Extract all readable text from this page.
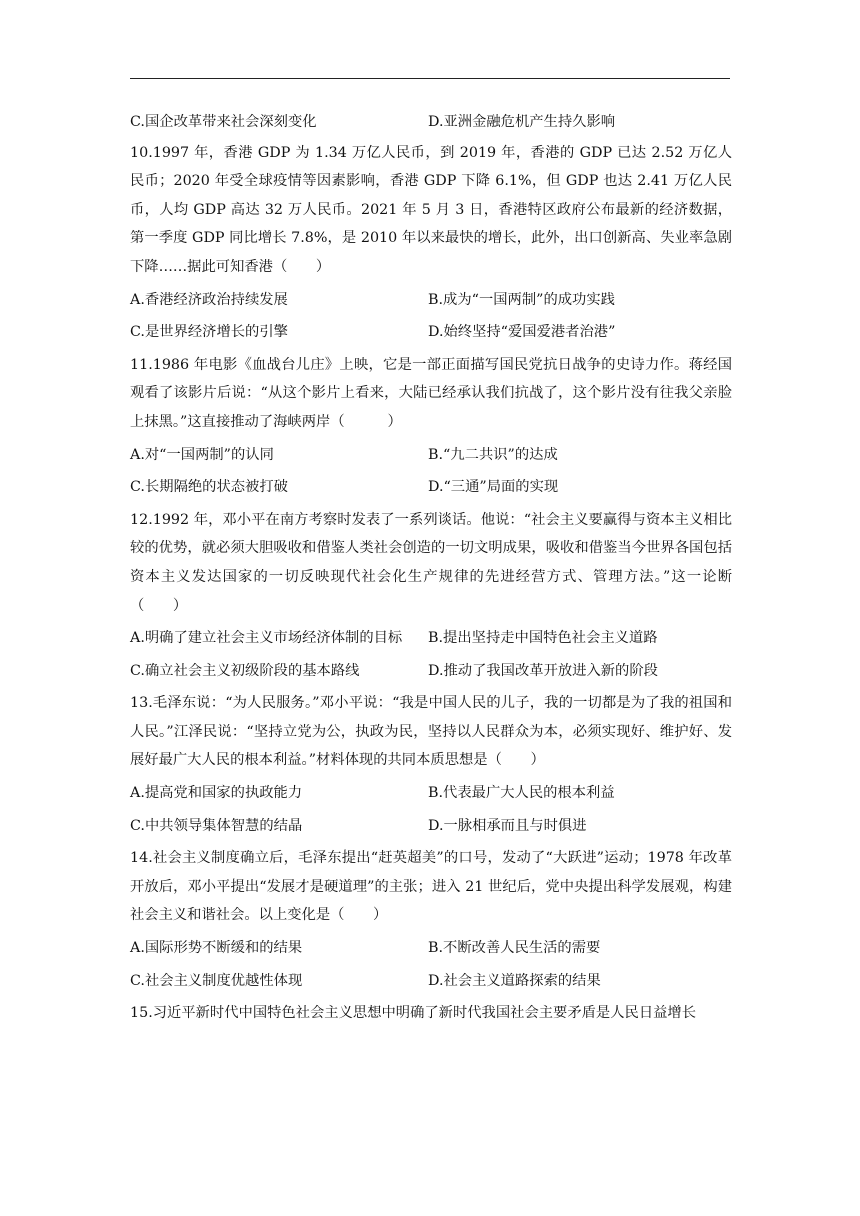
C.国企改革带来社会深刻变化	D.亚洲金融危机产生持久影响

10.1997 年，香港 GDP 为 1.34 万亿人民币，到 2019 年，香港的 GDP 已达 2.52 万亿人民币；2020 年受全球疫情等因素影响，香港 GDP 下降 6.1%，但 GDP 也达 2.41 万亿人民币，人均 GDP 高达 32 万人民币。2021 年 5 月 3 日，香港特区政府公布最新的经济数据，第一季度 GDP 同比增长 7.8%，是 2010 年以来最快的增长，此外，出口创新高、失业率急剧下降……据此可知香港（　　）

A.香港经济政治持续发展	B.成为“一国两制”的成功实践
C.是世界经济增长的引擎	D.始终坚持“爱国爱港者治港”

11.1986 年电影《血战台儿庄》上映，它是一部正面描写国民党抗日战争的史诗力作。蒋经国观看了该影片后说：“从这个影片上看来，大陆已经承认我们抗战了，这个影片没有往我父亲脸上抹黑。”这直接推动了海峡两岸（　　　）

A.对“一国两制”的认同	B.“九二共识”的达成
C.长期隔绝的状态被打破	D.“三通”局面的实现

12.1992 年，邓小平在南方考察时发表了一系列谈话。他说：“社会主义要赢得与资本主义相比较的优势，就必须大胆吸收和借鉴人类社会创造的一切文明成果，吸收和借鉴当今世界各国包括资本主义发达国家的一切反映现代社会化生产规律的先进经营方式、管理方法。”这一论断（　　）

A.明确了建立社会主义市场经济体制的目标	B.提出坚持走中国特色社会主义道路
C.确立社会主义初级阶段的基本路线	D.推动了我国改革开放进入新的阶段

13.毛泽东说：“为人民服务。”邓小平说：“我是中国人民的儿子，我的一切都是为了我的祖国和人民。”江泽民说：“坚持立党为公，执政为民，坚持以人民群众为本，必须实现好、维护好、发展好最广大人民的根本利益。”材料体现的共同本质思想是（　　）

A.提高党和国家的执政能力	B.代表最广大人民的根本利益
C.中共领导集体智慧的结晶	D.一脉相承而且与时俱进

14.社会主义制度确立后，毛泽东提出“赶英超美”的口号，发动了“大跃进”运动；1978 年改革开放后，邓小平提出“发展才是硬道理”的主张；进入 21 世纪后，党中央提出科学发展观，构建社会主义和谐社会。以上变化是（　　）

A.国际形势不断缓和的结果	B.不断改善人民生活的需要
C.社会主义制度优越性体现	D.社会主义道路探索的结果

15.习近平新时代中国特色社会主义思想中明确了新时代我国社会主要矛盾是人民日益增长
